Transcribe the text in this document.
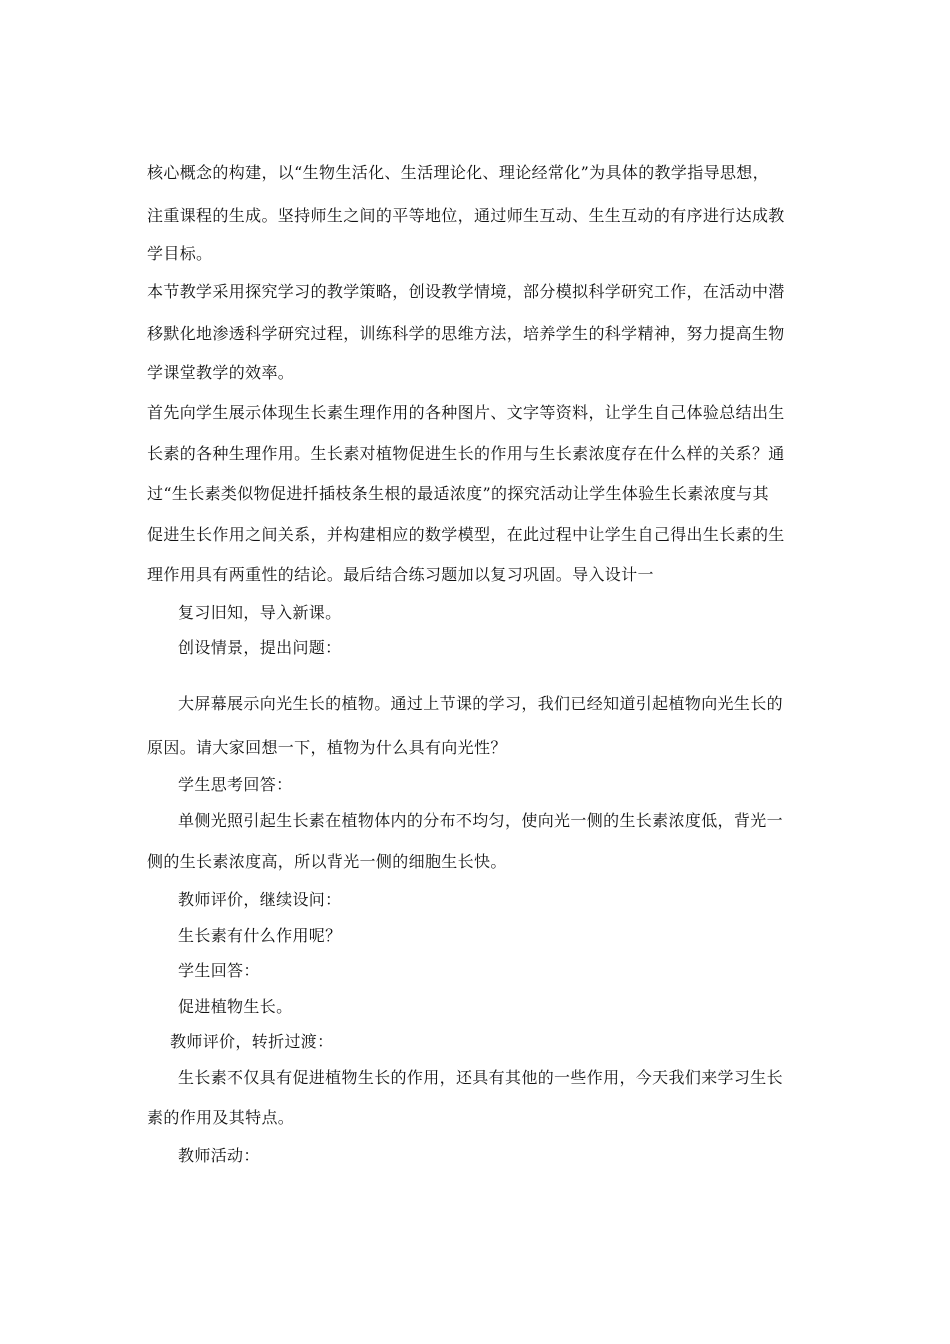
核心概念的构建，以“生物生活化、生活理论化、理论经常化”为具体的教学指导思想，
注重课程的生成。坚持师生之间的平等地位，通过师生互动、生生互动的有序进行达成教
学目标。
本节教学采用探究学习的教学策略，创设教学情境，部分模拟科学研究工作，在活动中潜
移默化地渗透科学研究过程，训练科学的思维方法，培养学生的科学精神，努力提高生物
学课堂教学的效率。
首先向学生展示体现生长素生理作用的各种图片、文字等资料，让学生自己体验总结出生
长素的各种生理作用。生长素对植物促进生长的作用与生长素浓度存在什么样的关系？通
过“生长素类似物促进扦插枝条生根的最适浓度”的探究活动让学生体验生长素浓度与其
促进生长作用之间关系，并构建相应的数学模型，在此过程中让学生自己得出生长素的生
理作用具有两重性的结论。最后结合练习题加以复习巩固。导入设计一
复习旧知，导入新课。
创设情景，提出问题：
大屏幕展示向光生长的植物。通过上节课的学习，我们已经知道引起植物向光生长的
原因。请大家回想一下，植物为什么具有向光性？
学生思考回答：
单侧光照引起生长素在植物体内的分布不均匀，使向光一侧的生长素浓度低，背光一
侧的生长素浓度高，所以背光一侧的细胞生长快。
教师评价，继续设问：
生长素有什么作用呢？
学生回答：
促进植物生长。
教师评价，转折过渡：
生长素不仅具有促进植物生长的作用，还具有其他的一些作用，今天我们来学习生长
素的作用及其特点。
教师活动：
